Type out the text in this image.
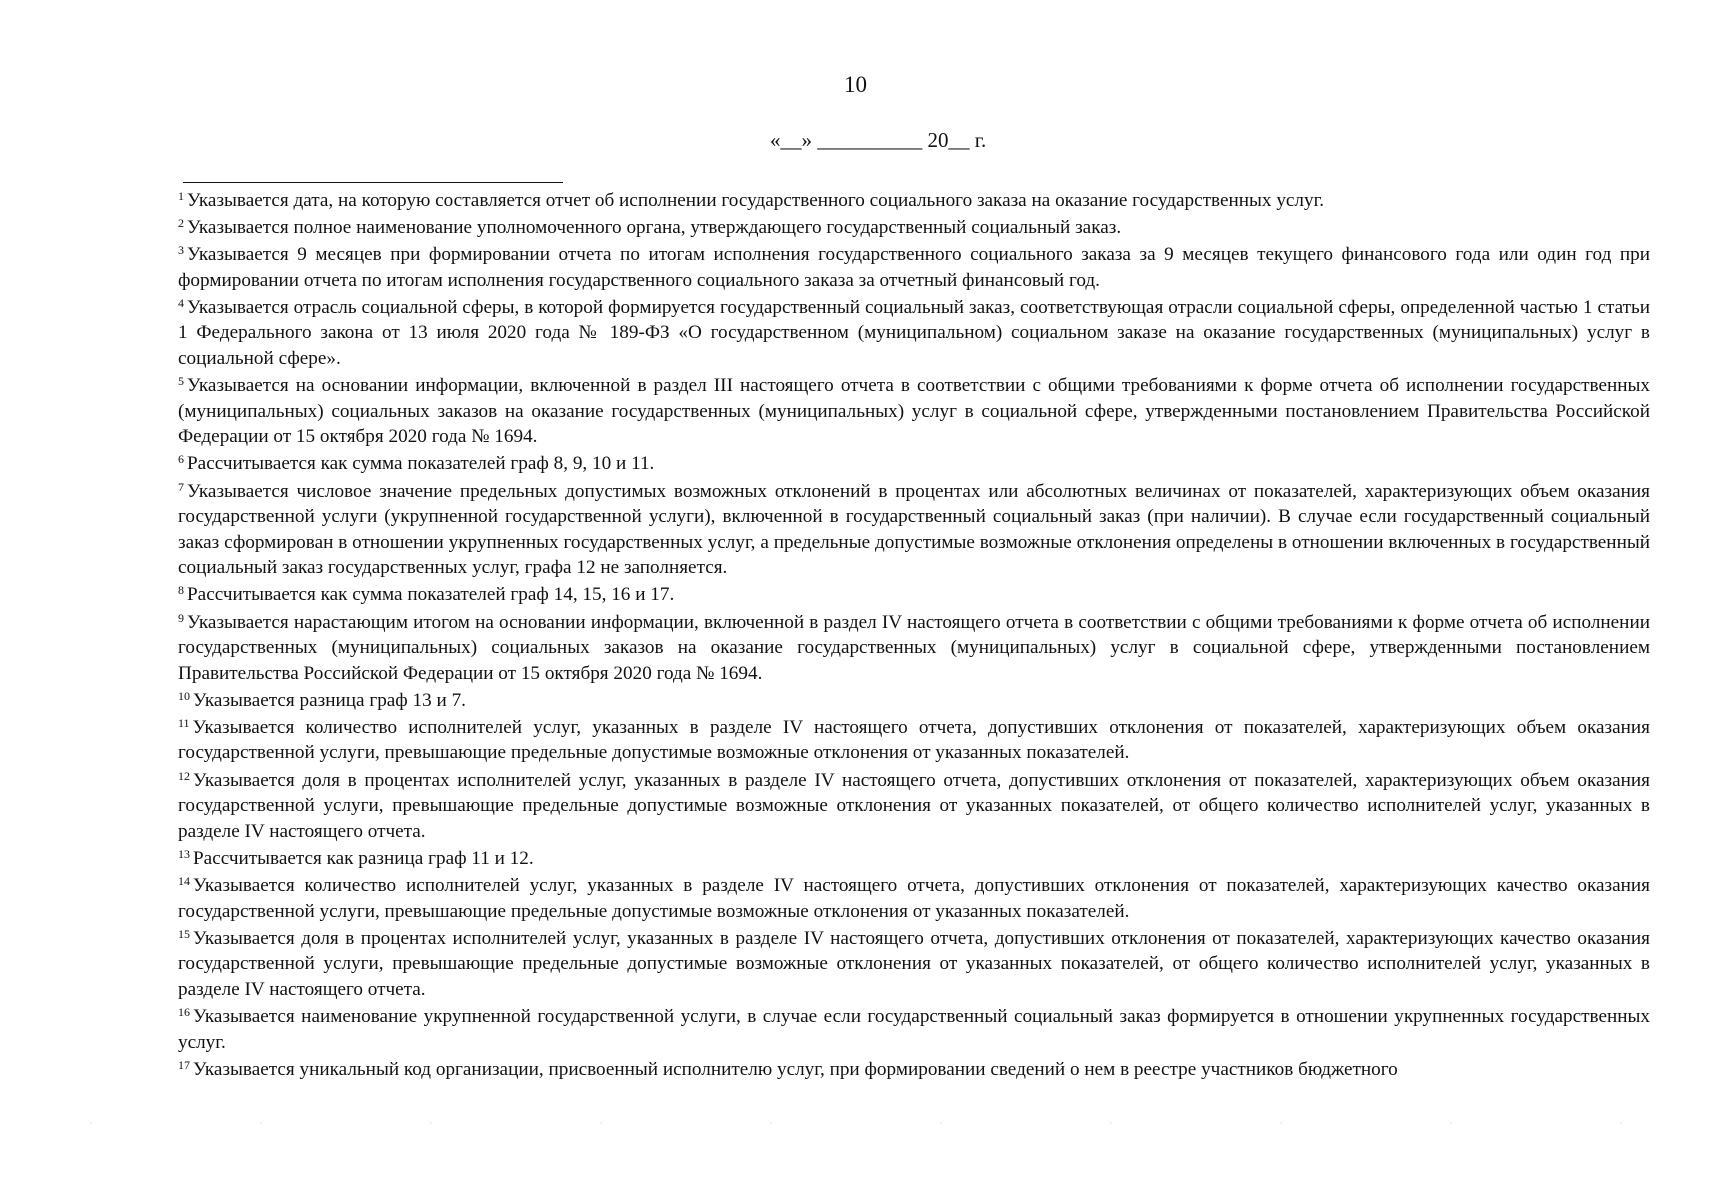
10
«__» __________ 20__ г.
$^1$ Указывается дата, на которую составляется отчет об исполнении государственного социального заказа на оказание государственных услуг.
$^2$ Указывается полное наименование уполномоченного органа, утверждающего государственный социальный заказ.
$^3$ Указывается 9 месяцев при формировании отчета по итогам исполнения государственного социального заказа за 9 месяцев текущего финансового года или один год при формировании отчета по итогам исполнения государственного социального заказа за отчетный финансовый год.
$^4$ Указывается отрасль социальной сферы, в которой формируется государственный социальный заказ, соответствующая отрасли социальной сферы, определенной частью 1 статьи 1 Федерального закона от 13 июля 2020 года № 189-ФЗ «О государственном (муниципальном) социальном заказе на оказание государственных (муниципальных) услуг в социальной сфере».
$^5$ Указывается на основании информации, включенной в раздел III настоящего отчета в соответствии с общими требованиями к форме отчета об исполнении государственных (муниципальных) социальных заказов на оказание государственных (муниципальных) услуг в социальной сфере, утвержденными постановлением Правительства Российской Федерации от 15 октября 2020 года № 1694.
$^6$ Рассчитывается как сумма показателей граф 8, 9, 10 и 11.
$^7$ Указывается числовое значение предельных допустимых возможных отклонений в процентах или абсолютных величинах от показателей, характеризующих объем оказания государственной услуги (укрупненной государственной услуги), включенной в государственный социальный заказ (при наличии). В случае если государственный социальный заказ сформирован в отношении укрупненных государственных услуг, а предельные допустимые возможные отклонения определены в отношении включенных в государственный социальный заказ государственных услуг, графа 12 не заполняется.
$^8$ Рассчитывается как сумма показателей граф 14, 15, 16 и 17.
$^9$ Указывается нарастающим итогом на основании информации, включенной в раздел IV настоящего отчета в соответствии с общими требованиями к форме отчета об исполнении государственных (муниципальных) социальных заказов на оказание государственных (муниципальных) услуг в социальной сфере, утвержденными постановлением Правительства Российской Федерации от 15 октября 2020 года № 1694.
$^{10}$ Указывается разница граф 13 и 7.
$^{11}$ Указывается количество исполнителей услуг, указанных в разделе IV настоящего отчета, допустивших отклонения от показателей, характеризующих объем оказания государственной услуги, превышающие предельные допустимые возможные отклонения от указанных показателей.
$^{12}$ Указывается доля в процентах исполнителей услуг, указанных в разделе IV настоящего отчета, допустивших отклонения от показателей, характеризующих объем оказания государственной услуги, превышающие предельные допустимые возможные отклонения от указанных показателей, от общего количество исполнителей услуг, указанных в разделе IV настоящего отчета.
$^{13}$ Рассчитывается как разница граф 11 и 12.
$^{14}$ Указывается количество исполнителей услуг, указанных в разделе IV настоящего отчета, допустивших отклонения от показателей, характеризующих качество оказания государственной услуги, превышающие предельные допустимые возможные отклонения от указанных показателей.
$^{15}$ Указывается доля в процентах исполнителей услуг, указанных в разделе IV настоящего отчета, допустивших отклонения от показателей, характеризующих качество оказания государственной услуги, превышающие предельные допустимые возможные отклонения от указанных показателей, от общего количество исполнителей услуг, указанных в разделе IV настоящего отчета.
$^{16}$ Указывается наименование укрупненной государственной услуги, в случае если государственный социальный заказ формируется в отношении укрупненных государственных услуг.
$^{17}$ Указывается уникальный код организации, присвоенный исполнителю услуг, при формировании сведений о нем в реестре участников бюджетного
